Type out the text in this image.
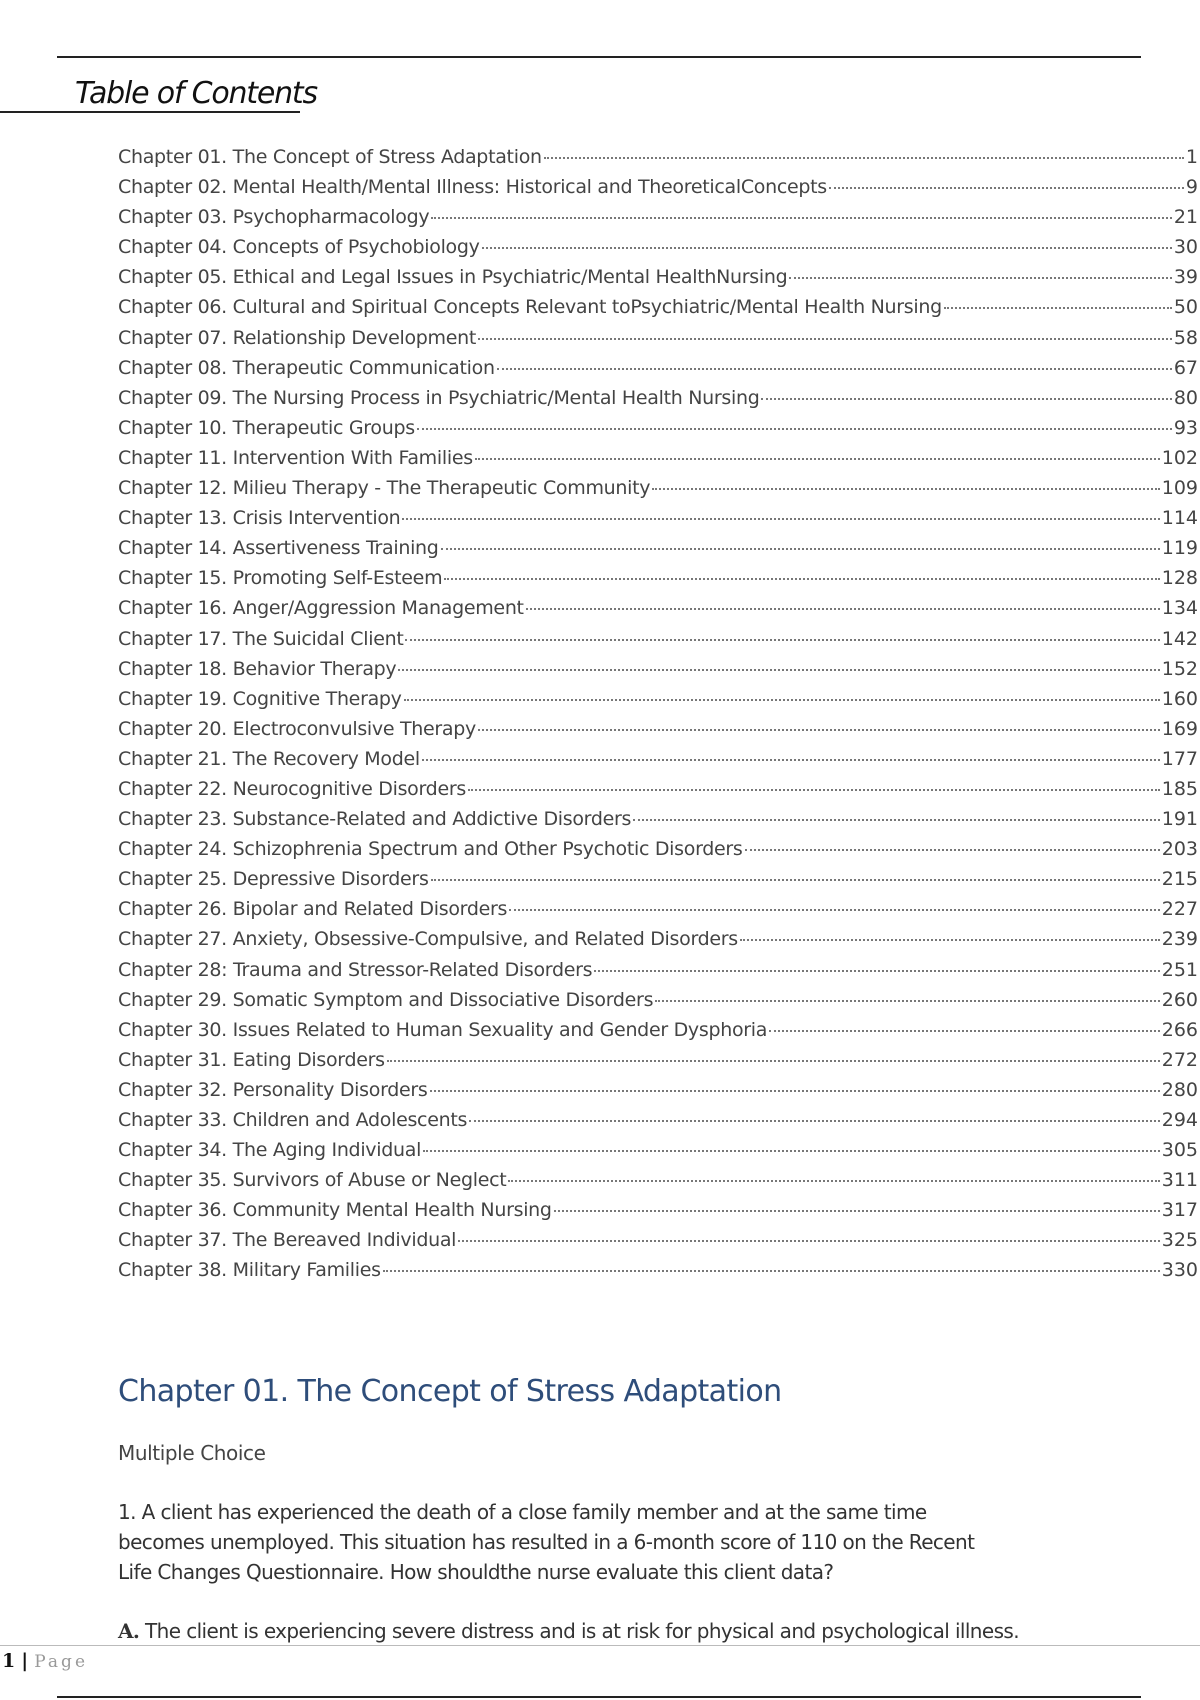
Table of Contents
Chapter 01. The Concept of Stress Adaptation	1
Chapter 02. Mental Health/Mental Illness: Historical and TheoreticalConcepts	9
Chapter 03. Psychopharmacology	21
Chapter 04. Concepts of Psychobiology	30
Chapter 05. Ethical and Legal Issues in Psychiatric/Mental HealthNursing	39
Chapter 06. Cultural and Spiritual Concepts Relevant toPsychiatric/Mental Health Nursing	50
Chapter 07. Relationship Development	58
Chapter 08. Therapeutic Communication	67
Chapter 09. The Nursing Process in Psychiatric/Mental Health Nursing	80
Chapter 10. Therapeutic Groups	93
Chapter 11. Intervention With Families	102
Chapter 12. Milieu Therapy - The Therapeutic Community	109
Chapter 13. Crisis Intervention	114
Chapter 14. Assertiveness Training	119
Chapter 15. Promoting Self-Esteem	128
Chapter 16. Anger/Aggression Management	134
Chapter 17. The Suicidal Client	142
Chapter 18. Behavior Therapy	152
Chapter 19. Cognitive Therapy	160
Chapter 20. Electroconvulsive Therapy	169
Chapter 21. The Recovery Model	177
Chapter 22. Neurocognitive Disorders	185
Chapter 23. Substance-Related and Addictive Disorders	191
Chapter 24. Schizophrenia Spectrum and Other Psychotic Disorders	203
Chapter 25. Depressive Disorders	215
Chapter 26. Bipolar and Related Disorders	227
Chapter 27. Anxiety, Obsessive-Compulsive, and Related Disorders	239
Chapter 28: Trauma and Stressor-Related Disorders	251
Chapter 29. Somatic Symptom and Dissociative Disorders	260
Chapter 30. Issues Related to Human Sexuality and Gender Dysphoria	266
Chapter 31. Eating Disorders	272
Chapter 32. Personality Disorders	280
Chapter 33. Children and Adolescents	294
Chapter 34. The Aging Individual	305
Chapter 35. Survivors of Abuse or Neglect	311
Chapter 36. Community Mental Health Nursing	317
Chapter 37. The Bereaved Individual	325
Chapter 38. Military Families	330
Chapter 01. The Concept of Stress Adaptation
Multiple Choice
1. A client has experienced the death of a close family member and at the same time becomes unemployed. This situation has resulted in a 6-month score of 110 on the Recent Life Changes Questionnaire. How shouldthe nurse evaluate this client data?
A. The client is experiencing severe distress and is at risk for physical and psychological illness.
1 | Page
